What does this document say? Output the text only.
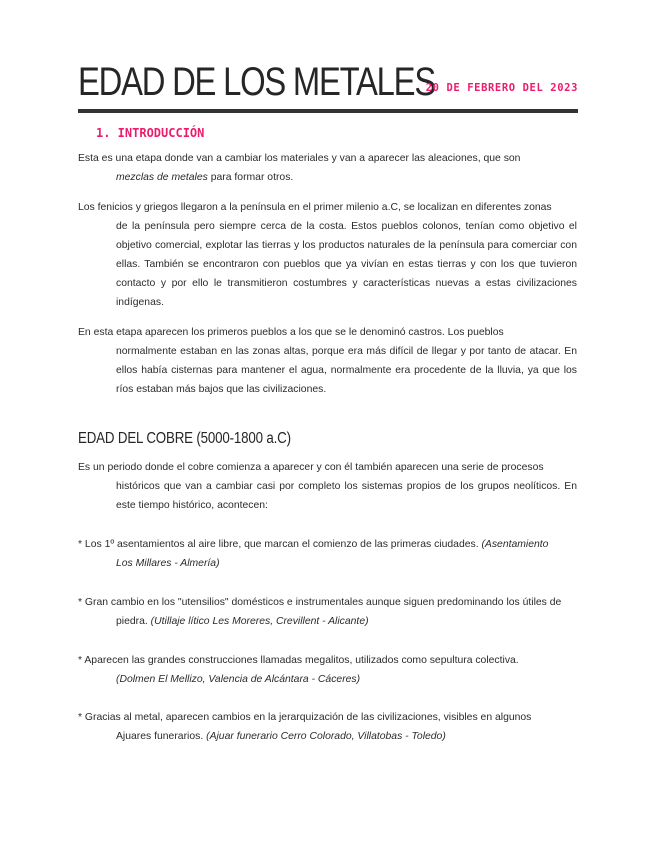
EDAD DE LOS METALES
20 DE FEBRERO DEL 2023
1. INTRODUCCIÓN
Esta es una etapa donde van a cambiar los materiales y van a aparecer las aleaciones, que son
mezclas de metales para formar otros.
Los fenicios y griegos llegaron a la península en el primer milenio a.C, se localizan en diferentes zonas
de la península pero siempre cerca de la costa. Estos pueblos colonos, tenían como objetivo el objetivo comercial, explotar las tierras y los productos naturales de la península para comerciar con ellas. También se encontraron con pueblos que ya vivían en estas tierras y con los que tuvieron contacto y por ello le transmitieron costumbres y características nuevas a estas civilizaciones indígenas.
En esta etapa aparecen los primeros pueblos a los que se le denominó castros. Los pueblos
normalmente estaban en las zonas altas, porque era más difícil de llegar y por tanto de atacar. En ellos había cisternas para mantener el agua, normalmente era procedente de la lluvia, ya que los ríos estaban más bajos que las civilizaciones.
EDAD DEL COBRE (5000-1800 a.C)
Es un periodo donde el cobre comienza a aparecer y con él también aparecen una serie de procesos
históricos que van a cambiar casi por completo los sistemas propios de los grupos neolíticos. En este tiempo histórico, acontecen:
* Los 1º asentamientos al aire libre, que marcan el comienzo de las primeras ciudades. (Asentamiento
Los Millares - Almería)
* Gran cambio en los "utensilios" domésticos e instrumentales aunque siguen predominando los útiles de
piedra. (Utillaje lítico Les Moreres, Crevillent - Alicante)
* Aparecen las grandes construcciones llamadas megalitos, utilizados como sepultura colectiva.
(Dolmen El Mellizo, Valencia de Alcántara - Cáceres)
* Gracias al metal, aparecen cambios en la jerarquización de las civilizaciones, visibles en algunos
Ajuares funerarios. (Ajuar funerario Cerro Colorado, Villatobas - Toledo)
